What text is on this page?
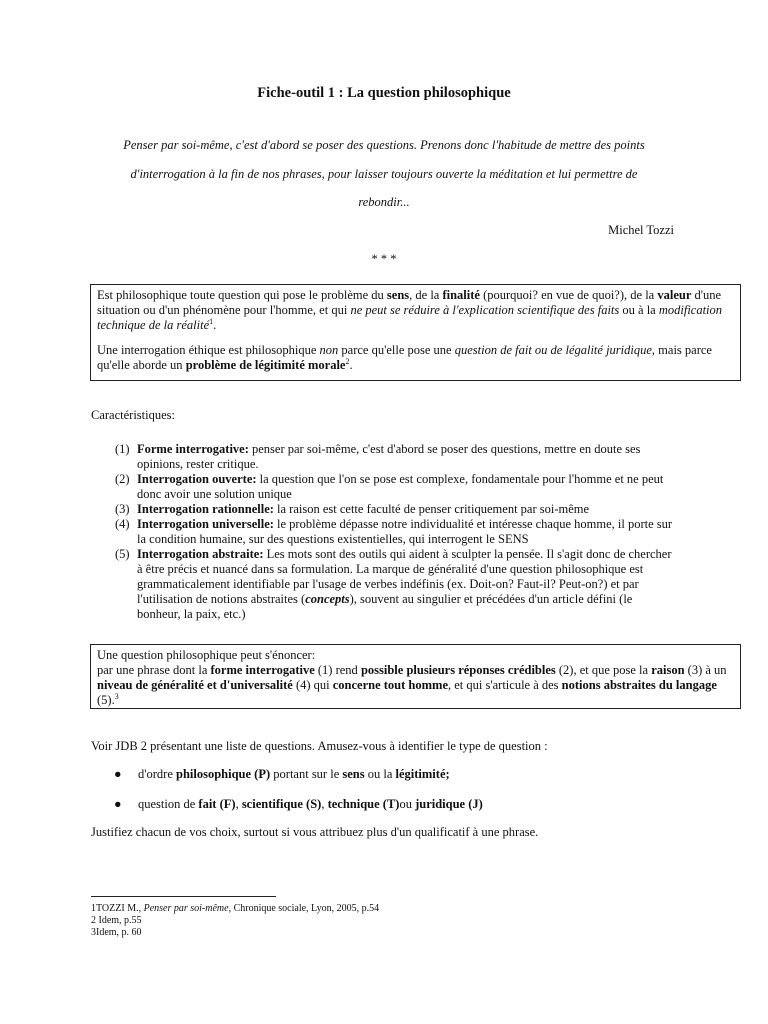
Fiche-outil 1 : La question philosophique
Penser par soi-même, c'est d'abord se poser des questions. Prenons donc l'habitude de mettre des points
d'interrogation à la fin de nos phrases, pour laisser toujours ouverte la méditation et lui permettre de
rebondir...
Michel Tozzi
* * *

Est philosophique toute question qui pose le problème du sens, de la finalité (pourquoi? en vue de quoi?), de la valeur d'une situation ou d'un phénomène pour l'homme, et qui ne peut se réduire à l'explication scientifique des faits ou à la modification technique de la réalité$^1$.

Une interrogation éthique est philosophique non parce qu'elle pose une question de fait ou de légalité juridique, mais parce qu'elle aborde un problème de légitimité morale$^2$.

Caractéristiques:
(1) Forme interrogative: penser par soi-même, c'est d'abord se poser des questions, mettre en doute ses opinions, rester critique.
(2) Interrogation ouverte: la question que l'on se pose est complexe, fondamentale pour l'homme et ne peut donc avoir une solution unique
(3) Interrogation rationnelle: la raison est cette faculté de penser critiquement par soi-même
(4) Interrogation universelle: le problème dépasse notre individualité et intéresse chaque homme, il porte sur la condition humaine, sur des questions existentielles, qui interrogent le SENS
(5) Interrogation abstraite: Les mots sont des outils qui aident à sculpter la pensée. Il s'agit donc de chercher à être précis et nuancé dans sa formulation. La marque de généralité d'une question philosophique est grammaticalement identifiable par l'usage de verbes indéfinis (ex. Doit-on? Faut-il? Peut-on?) et par l'utilisation de notions abstraites (concepts), souvent au singulier et précédées d'un article défini (le bonheur, la paix, etc.)
Une question philosophique peut s'énoncer:
par une phrase dont la forme interrogative (1) rend possible plusieurs réponses crédibles (2), et que pose la raison (3) à un niveau de généralité et d'universalité (4) qui concerne tout homme, et qui s'articule à des notions abstraites du langage (5).$^3$
Voir JDB 2 présentant une liste de questions. Amusez-vous à identifier le type de question :
●	d'ordre philosophique (P) portant sur le sens ou la légitimité;
●	question de fait (F), scientifique (S), technique (T)ou juridique (J)
Justifiez chacun de vos choix, surtout si vous attribuez plus d'un qualificatif à une phrase.
1TOZZI M., Penser par soi-même, Chronique sociale, Lyon, 2005, p.54
2 Idem, p.55
3Idem, p. 60
